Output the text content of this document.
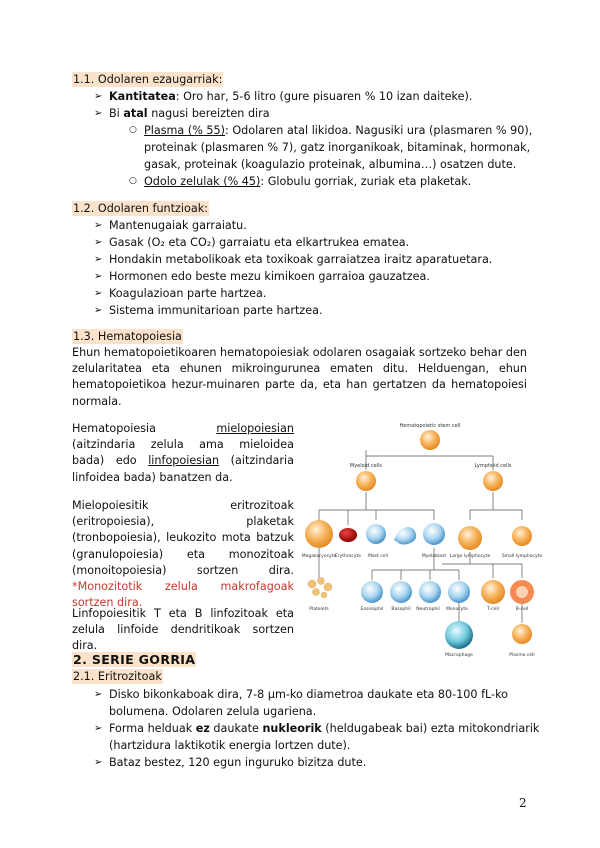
1.1. Odolaren ezaugarriak:
➢ Kantitatea: Oro har, 5-6 litro (gure pisuaren % 10 izan daiteke).
➢ Bi atal nagusi bereizten dira
○ Plasma (% 55): Odolaren atal likidoa. Nagusiki ura (plasmaren % 90),
proteinak (plasmaren % 7), gatz inorganikoak, bitaminak, hormonak,
gasak, proteinak (koagulazio proteinak, albumina…) osatzen dute.
○ Odolo zelulak (% 45): Globulu gorriak, zuriak eta plaketak.
1.2. Odolaren funtzioak:
➢ Mantenugaiak garraiatu.
➢ Gasak (O₂ eta CO₂) garraiatu eta elkartrukea ematea.
➢ Hondakin metabolikoak eta toxikoak garraiatzea iraitz aparatuetara.
➢ Hormonen edo beste mezu kimikoen garraioa gauzatzea.
➢ Koagulazioan parte hartzea.
➢ Sistema immunitarioan parte hartzea.
1.3. Hematopoiesia
Ehun hematopoietikoaren hematopoiesiak odolaren osagaiak sortzeko behar den zelularitatea eta ehunen mikroingurunea ematen ditu. Helduengan, ehun hematopoietikoa hezur-muinaren parte da, eta han gertatzen da hematopoiesi normala.
Hematopoiesia mielopoiesian (aitzindaria zelula ama mieloidea bada) edo linfopoiesian (aitzindaria linfoidea bada) banatzen da.
Mielopoiesitik eritrozitoak (eritropoiesia), plaketak (tronbopoiesia), leukozito mota batzuk (granulopoiesia) eta monozitoak (monoitopoiesia) sortzen dira. *Monozitotik zelula makrofagoak sortzen dira.
Linfopoiesitik T eta B linfozitoak eta zelula linfoide dendritikoak sortzen dira.
Hematopoietic stem cell
Myeloid cells	Lymphoid cells
Megakaryocyte
Erythrocyte Mast cell	Myeloblast Large lymphocyte	Small lymphocyte
Platelets	Eosinophil Basophil Neutrophil Monocyte	T-cell	B-cell
Macrophage	Plasma cell
2. SERIE GORRIA
2.1. Eritrozitoak
➢ Disko bikonkaboak dira, 7-8 µm-ko diametroa daukate eta 80-100 fL-ko
bolumena. Odolaren zelula ugariena.
➢ Forma helduak ez daukate nukleorik (heldugabeak bai) ezta mitokondriarik
(hartzidura laktikotik energia lortzen dute).
➢ Bataz bestez, 120 egun inguruko bizitza dute.
2
